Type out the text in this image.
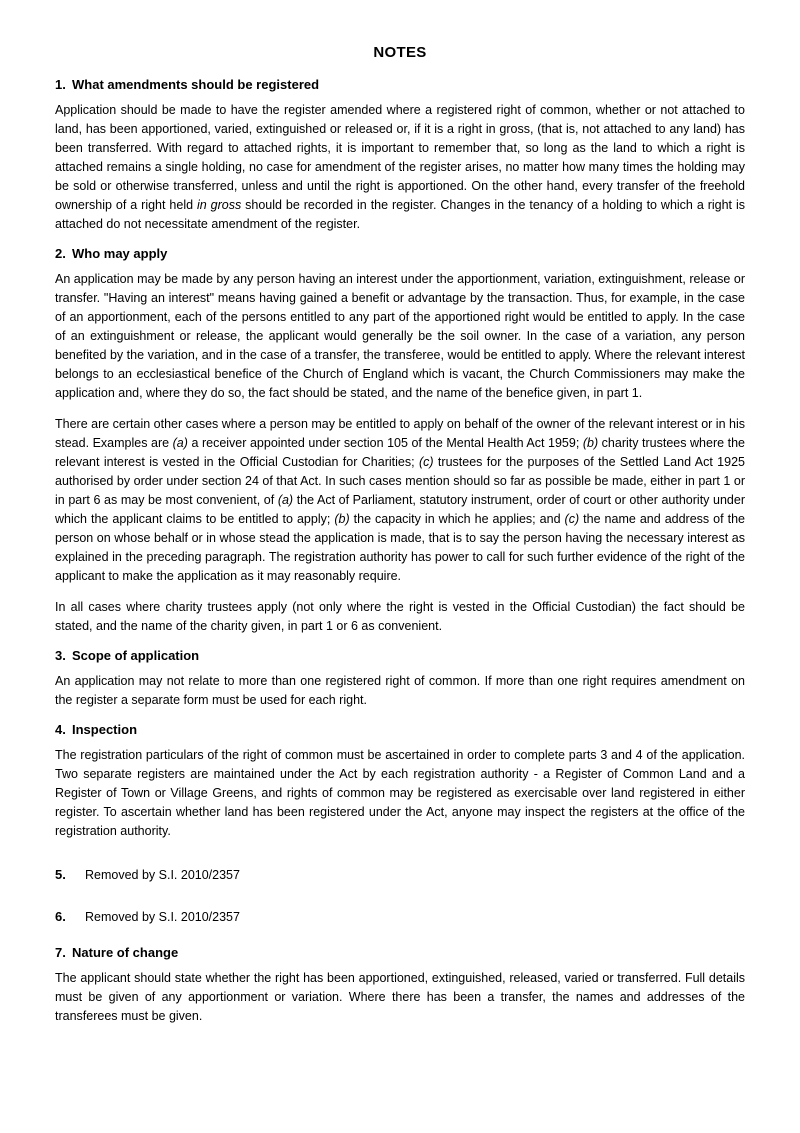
NOTES
1. What amendments should be registered

Application should be made to have the register amended where a registered right of common, whether or not attached to land, has been apportioned, varied, extinguished or released or, if it is a right in gross, (that is, not attached to any land) has been transferred. With regard to attached rights, it is important to remember that, so long as the land to which a right is attached remains a single holding, no case for amendment of the register arises, no matter how many times the holding may be sold or otherwise transferred, unless and until the right is apportioned. On the other hand, every transfer of the freehold ownership of a right held in gross should be recorded in the register. Changes in the tenancy of a holding to which a right is attached do not necessitate amendment of the register.

2. Who may apply

An application may be made by any person having an interest under the apportionment, variation, extinguishment, release or transfer. "Having an interest" means having gained a benefit or advantage by the transaction. Thus, for example, in the case of an apportionment, each of the persons entitled to any part of the apportioned right would be entitled to apply. In the case of an extinguishment or release, the applicant would generally be the soil owner. In the case of a variation, any person benefited by the variation, and in the case of a transfer, the transferee, would be entitled to apply. Where the relevant interest belongs to an ecclesiastical benefice of the Church of England which is vacant, the Church Commissioners may make the application and, where they do so, the fact should be stated, and the name of the benefice given, in part 1.

There are certain other cases where a person may be entitled to apply on behalf of the owner of the relevant interest or in his stead. Examples are (a) a receiver appointed under section 105 of the Mental Health Act 1959; (b) charity trustees where the relevant interest is vested in the Official Custodian for Charities; (c) trustees for the purposes of the Settled Land Act 1925 authorised by order under section 24 of that Act. In such cases mention should so far as possible be made, either in part 1 or in part 6 as may be most convenient, of (a) the Act of Parliament, statutory instrument, order of court or other authority under which the applicant claims to be entitled to apply; (b) the capacity in which he applies; and (c) the name and address of the person on whose behalf or in whose stead the application is made, that is to say the person having the necessary interest as explained in the preceding paragraph. The registration authority has power to call for such further evidence of the right of the applicant to make the application as it may reasonably require.

In all cases where charity trustees apply (not only where the right is vested in the Official Custodian) the fact should be stated, and the name of the charity given, in part 1 or 6 as convenient.

3. Scope of application

An application may not relate to more than one registered right of common. If more than one right requires amendment on the register a separate form must be used for each right.

4. Inspection

The registration particulars of the right of common must be ascertained in order to complete parts 3 and 4 of the application. Two separate registers are maintained under the Act by each registration authority - a Register of Common Land and a Register of Town or Village Greens, and rights of common may be registered as exercisable over land registered in either register. To ascertain whether land has been registered under the Act, anyone may inspect the registers at the office of the registration authority.

5.	Removed by S.I. 2010/2357
6.	Removed by S.I. 2010/2357
7. Nature of change

The applicant should state whether the right has been apportioned, extinguished, released, varied or transferred. Full details must be given of any apportionment or variation. Where there has been a transfer, the names and addresses of the transferees must be given.
